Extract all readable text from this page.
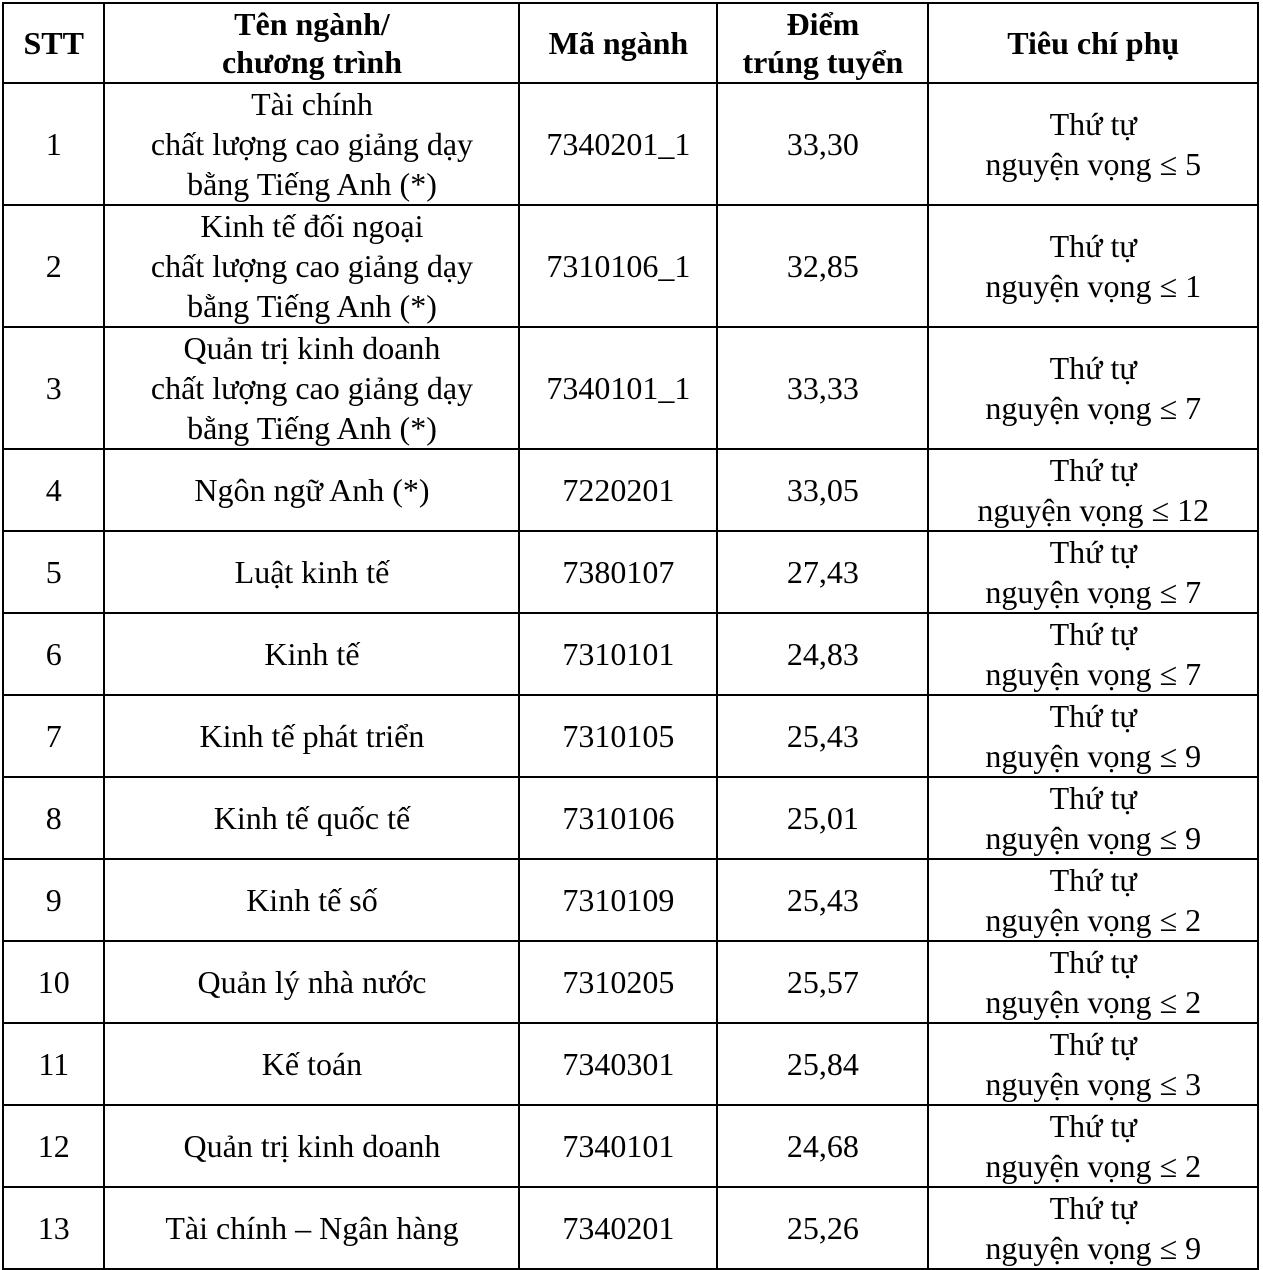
STT	Tên ngành/
chương trình	Mã ngành	Điểm
trúng tuyển	Tiêu chí phụ
1	Tài chính
chất lượng cao giảng dạy
bằng Tiếng Anh (*)	7340201_1	33,30	Thứ tự
nguyện vọng ≤ 5
2	Kinh tế đối ngoại
chất lượng cao giảng dạy
bằng Tiếng Anh (*)	7310106_1	32,85	Thứ tự
nguyện vọng ≤ 1
3	Quản trị kinh doanh
chất lượng cao giảng dạy
bằng Tiếng Anh (*)	7340101_1	33,33	Thứ tự
nguyện vọng ≤ 7
4	Ngôn ngữ Anh (*)	7220201	33,05	Thứ tự
nguyện vọng ≤ 12
5	Luật kinh tế	7380107	27,43	Thứ tự
nguyện vọng ≤ 7
6	Kinh tế	7310101	24,83	Thứ tự
nguyện vọng ≤ 7
7	Kinh tế phát triển	7310105	25,43	Thứ tự
nguyện vọng ≤ 9
8	Kinh tế quốc tế	7310106	25,01	Thứ tự
nguyện vọng ≤ 9
9	Kinh tế số	7310109	25,43	Thứ tự
nguyện vọng ≤ 2
10	Quản lý nhà nước	7310205	25,57	Thứ tự
nguyện vọng ≤ 2
11	Kế toán	7340301	25,84	Thứ tự
nguyện vọng ≤ 3
12	Quản trị kinh doanh	7340101	24,68	Thứ tự
nguyện vọng ≤ 2
13	Tài chính – Ngân hàng	7340201	25,26	Thứ tự
nguyện vọng ≤ 9
